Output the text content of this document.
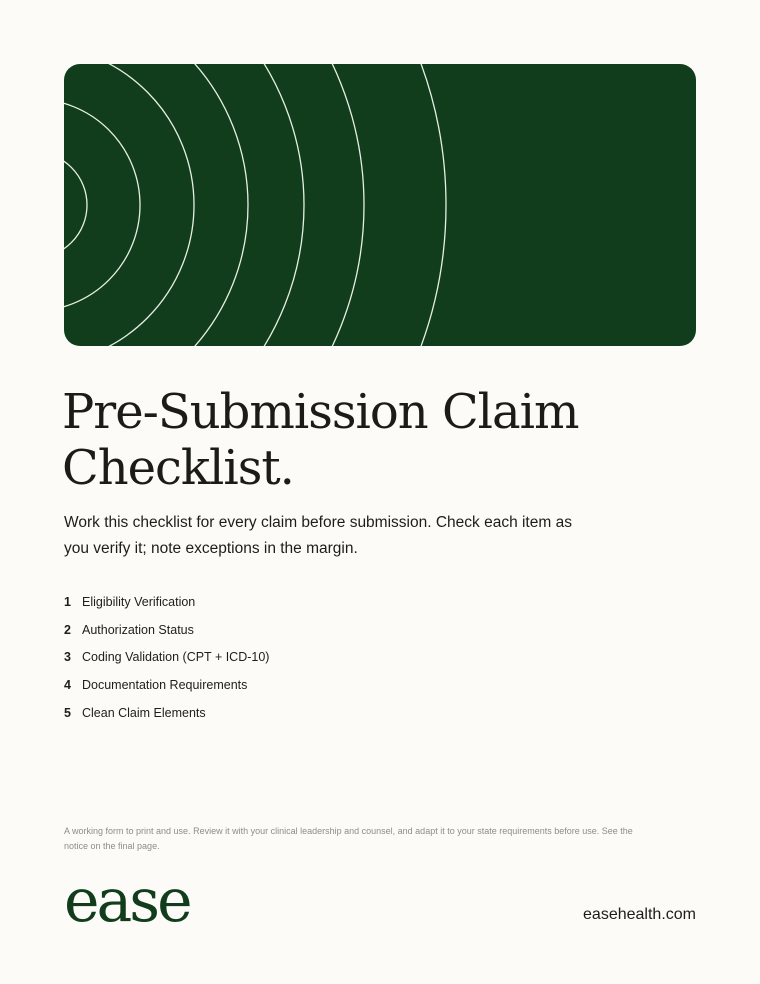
Pre-Submission Claim
Checklist.

Work this checklist for every claim before submission. Check each item as
you verify it; note exceptions in the margin.

1 Eligibility Verification
2 Authorization Status
3 Coding Validation (CPT + ICD-10)
4 Documentation Requirements
5 Clean Claim Elements

A working form to print and use. Review it with your clinical leadership and counsel, and adapt it to your state requirements before use. See the
notice on the final page.

ease	easehealth.com
